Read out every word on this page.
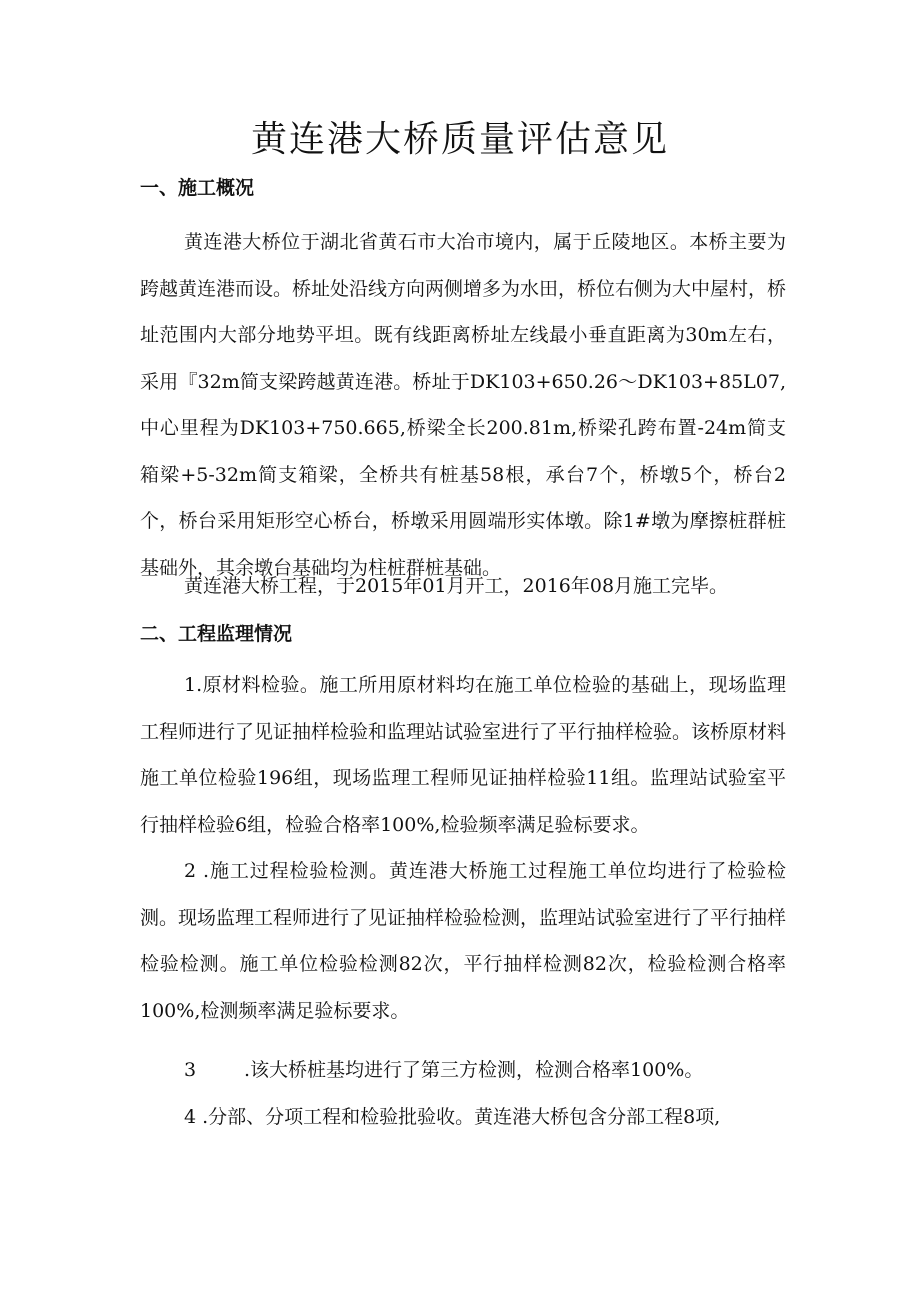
黄连港大桥质量评估意见
一、施工概况

黄连港大桥位于湖北省黄石市大冶市境内，属于丘陵地区。本桥主要为跨越黄连港而设。桥址处沿线方向两侧增多为水田，桥位右侧为大中屋村，桥址范围内大部分地势平坦。既有线距离桥址左线最小垂直距离为30m左右，采用『32m简支梁跨越黄连港。桥址于DK103+650.26～DK103+85L07,中心里程为DK103+750.665,桥梁全长200.81m,桥梁孔跨布置-24m简支箱梁+5-32m简支箱梁，全桥共有桩基58根，承台7个，桥墩5个，桥台2个，桥台采用矩形空心桥台，桥墩采用圆端形实体墩。除1#墩为摩擦桩群桩基础外，其余墩台基础均为柱桩群桩基础。

黄连港大桥工程，于2015年01月开工，2016年08月施工完毕。

二、工程监理情况

1.原材料检验。施工所用原材料均在施工单位检验的基础上，现场监理工程师进行了见证抽样检验和监理站试验室进行了平行抽样检验。该桥原材料施工单位检验196组，现场监理工程师见证抽样检验11组。监理站试验室平行抽样检验6组，检验合格率100%,检验频率满足验标要求。

2 .施工过程检验检测。黄连港大桥施工过程施工单位均进行了检验检测。现场监理工程师进行了见证抽样检验检测，监理站试验室进行了平行抽样检验检测。施工单位检验检测82次，平行抽样检测82次，检验检测合格率100%,检测频率满足验标要求。

3	.该大桥桩基均进行了第三方检测，检测合格率100%。

4 .分部、分项工程和检验批验收。黄连港大桥包含分部工程8项,
